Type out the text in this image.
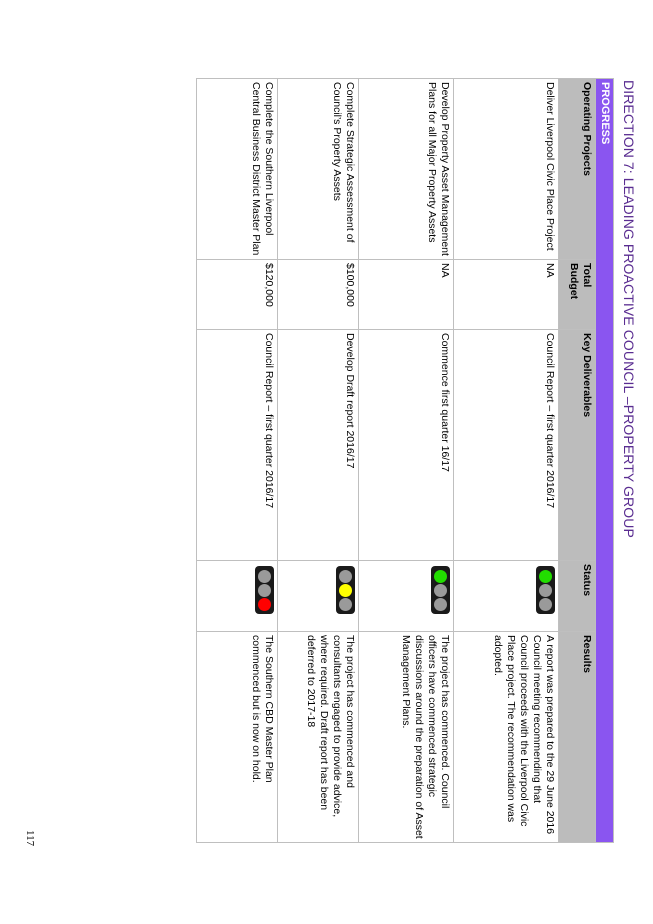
DIRECTION 7: LEADING PROACTIVE COUNCIL –PROPERTY GROUP
PROGRESS				
Operating Projects	Total Budget	Key Deliverables	Status	Results
Deliver Liverpool Civic Place Project	NA	Council Report – first quarter 2016/17		A report was prepared to the 29 June 2016 Council meeting recommending that Council proceeds with the Liverpool Civic Place project. The recommendation was adopted.
Develop Property Asset Management Plans for all Major Property Assets	NA	Commence first quarter 16/17		The project has commenced. Council officers have commenced strategic discussions around the preparation of Asset Management Plans.
Complete Strategic Assessment of Council’s Property Assets	$100,000	Develop Draft report 2016/17		The project has commenced and consultants engaged to provide advice, where required. Draft report has been deferred to 2017-18
Complete the Southern Liverpool Central Business District Master Plan	$120,000	Council Report – first quarter 2016/17		The Southern CBD Master Plan commenced but is now on hold.
117
